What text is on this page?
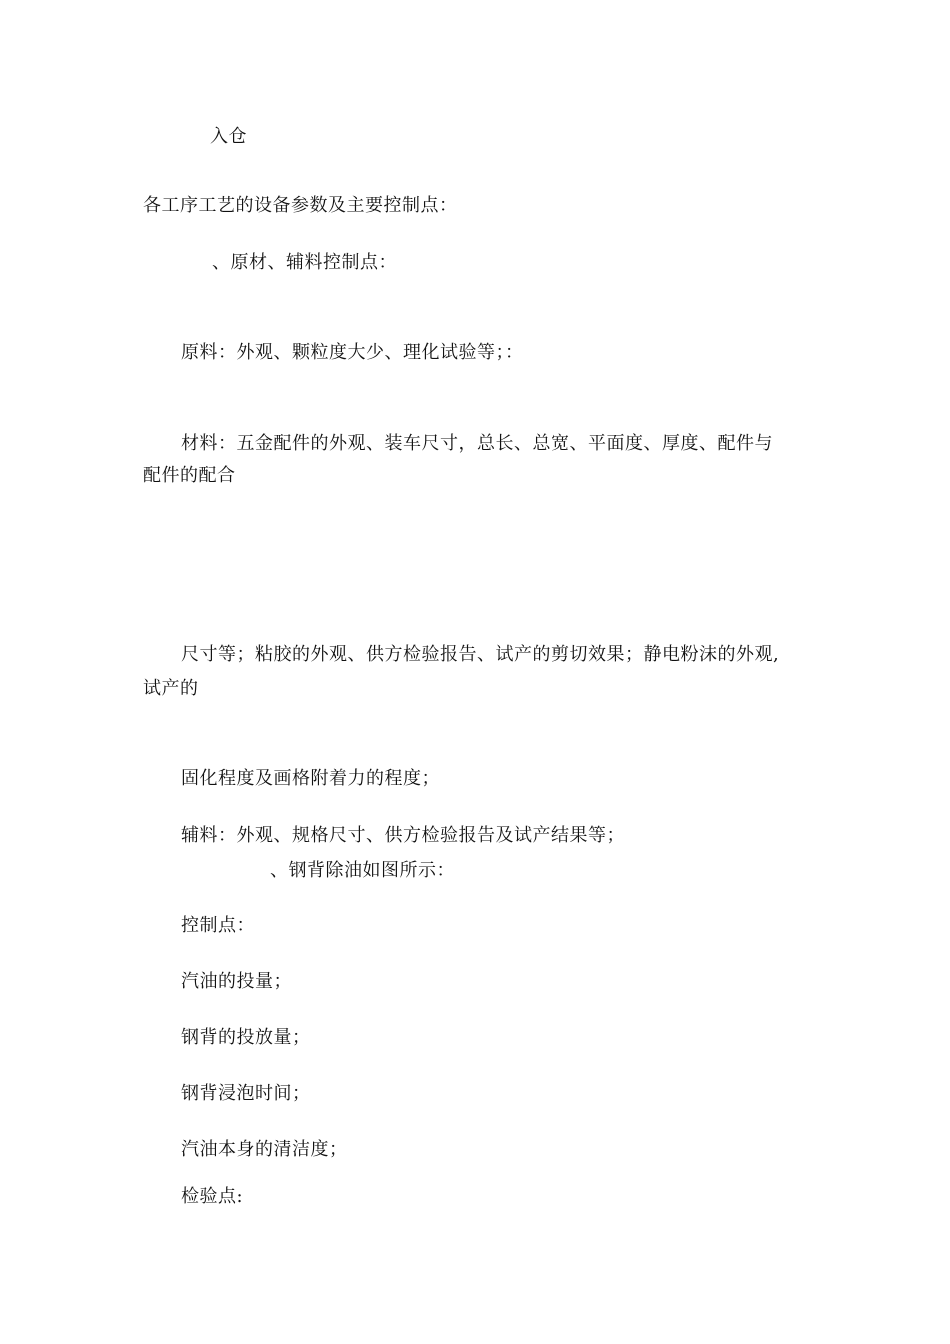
入仓
各工序工艺的设备参数及主要控制点：
、原材、辅料控制点：
原料：外观、颗粒度大少、理化试验等；：
材料：五金配件的外观、装车尺寸，总长、总宽、平面度、厚度、配件与
配件的配合
尺寸等；粘胶的外观、供方检验报告、试产的剪切效果；静电粉沫的外观,
试产的
固化程度及画格附着力的程度；
辅料：外观、规格尺寸、供方检验报告及试产结果等；
、钢背除油如图所示：
控制点：
汽油的投量；
钢背的投放量；
钢背浸泡时间；
汽油本身的清洁度；
检验点:
